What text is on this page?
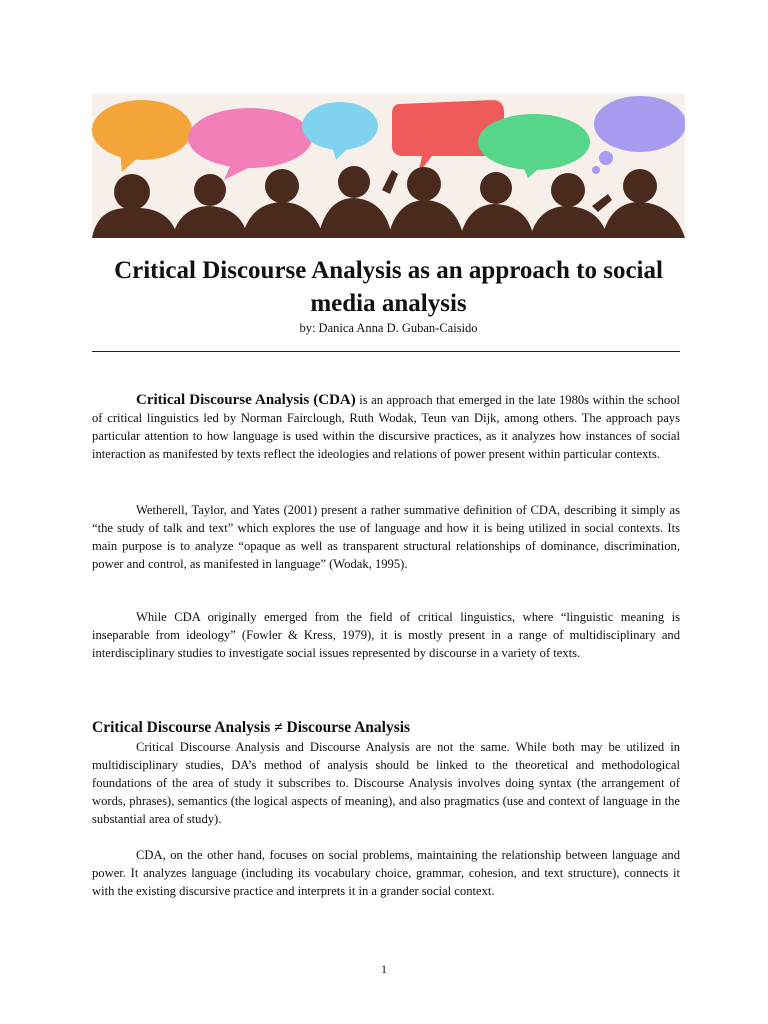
Critical Discourse Analysis as an approach to social media analysis
by: Danica Anna D. Guban-Caisido

Critical Discourse Analysis (CDA) is an approach that emerged in the late 1980s within the school of critical linguistics led by Norman Fairclough, Ruth Wodak, Teun van Dijk, among others. The approach pays particular attention to how language is used within the discursive practices, as it analyzes how instances of social interaction as manifested by texts reflect the ideologies and relations of power present within particular contexts.

Wetherell, Taylor, and Yates (2001) present a rather summative definition of CDA, describing it simply as “the study of talk and text” which explores the use of language and how it is being utilized in social contexts. Its main purpose is to analyze “opaque as well as transparent structural relationships of dominance, discrimination, power and control, as manifested in language” (Wodak, 1995).

While CDA originally emerged from the field of critical linguistics, where “linguistic meaning is inseparable from ideology” (Fowler & Kress, 1979), it is mostly present in a range of multidisciplinary and interdisciplinary studies to investigate social issues represented by discourse in a variety of texts.

Critical Discourse Analysis ≠ Discourse Analysis

Critical Discourse Analysis and Discourse Analysis are not the same. While both may be utilized in multidisciplinary studies, DA’s method of analysis should be linked to the theoretical and methodological foundations of the area of study it subscribes to. Discourse Analysis involves doing syntax (the arrangement of words, phrases), semantics (the logical aspects of meaning), and also pragmatics (use and context of language in the substantial area of study).

CDA, on the other hand, focuses on social problems, maintaining the relationship between language and power. It analyzes language (including its vocabulary choice, grammar, cohesion, and text structure), connects it with the existing discursive practice and interprets it in a grander social context.

1
